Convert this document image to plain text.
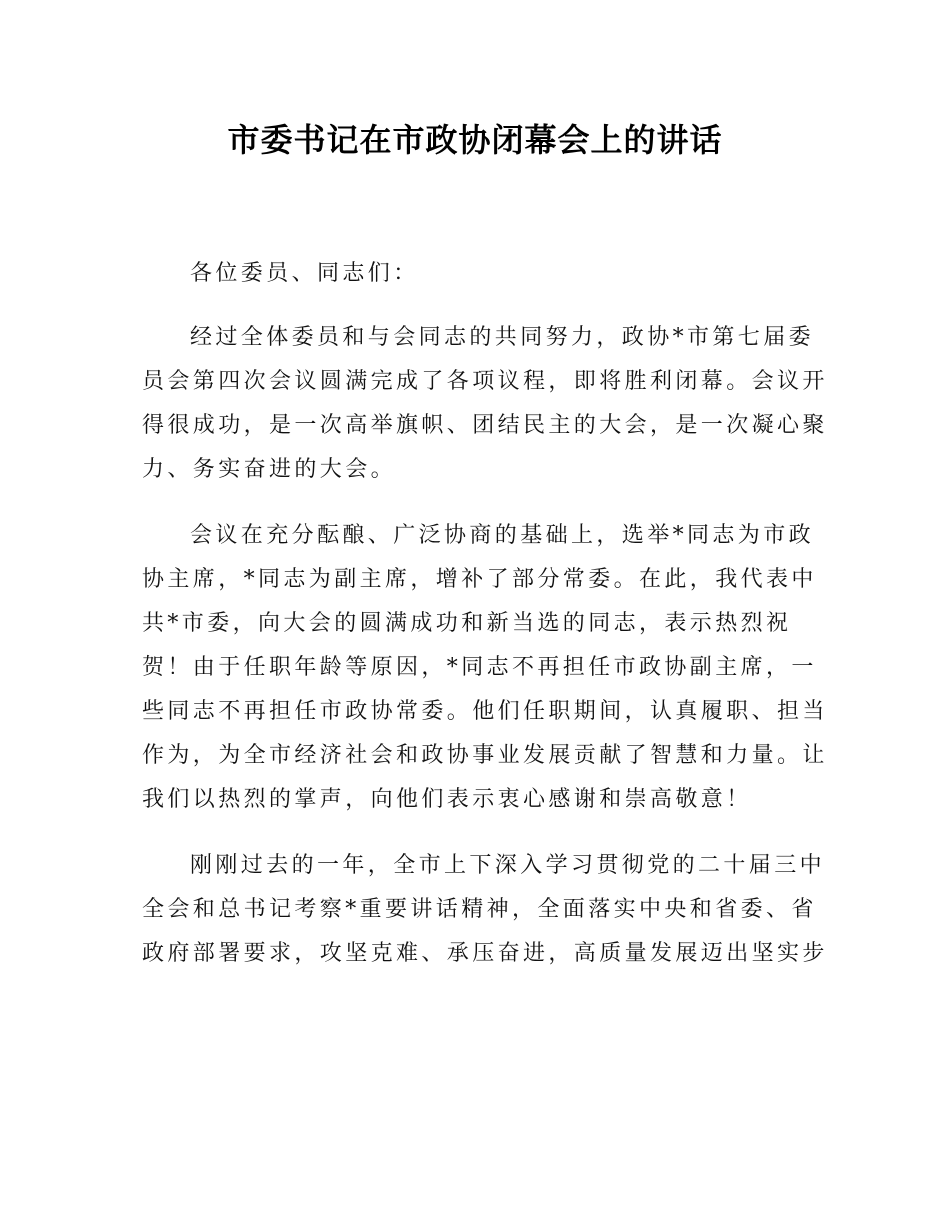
市委书记在市政协闭幕会上的讲话

各位委员、同志们：

经过全体委员和与会同志的共同努力，政协*市第七届委员会第四次会议圆满完成了各项议程，即将胜利闭幕。会议开得很成功，是一次高举旗帜、团结民主的大会，是一次凝心聚力、务实奋进的大会。

会议在充分酝酿、广泛协商的基础上，选举*同志为市政协主席，*同志为副主席，增补了部分常委。在此，我代表中共*市委，向大会的圆满成功和新当选的同志，表示热烈祝贺！由于任职年龄等原因，*同志不再担任市政协副主席，一些同志不再担任市政协常委。他们任职期间，认真履职、担当作为，为全市经济社会和政协事业发展贡献了智慧和力量。让我们以热烈的掌声，向他们表示衷心感谢和崇高敬意！

刚刚过去的一年，全市上下深入学习贯彻党的二十届三中全会和总书记考察*重要讲话精神，全面落实中央和省委、省政府部署要求，攻坚克难、承压奋进，高质量发展迈出坚实步
